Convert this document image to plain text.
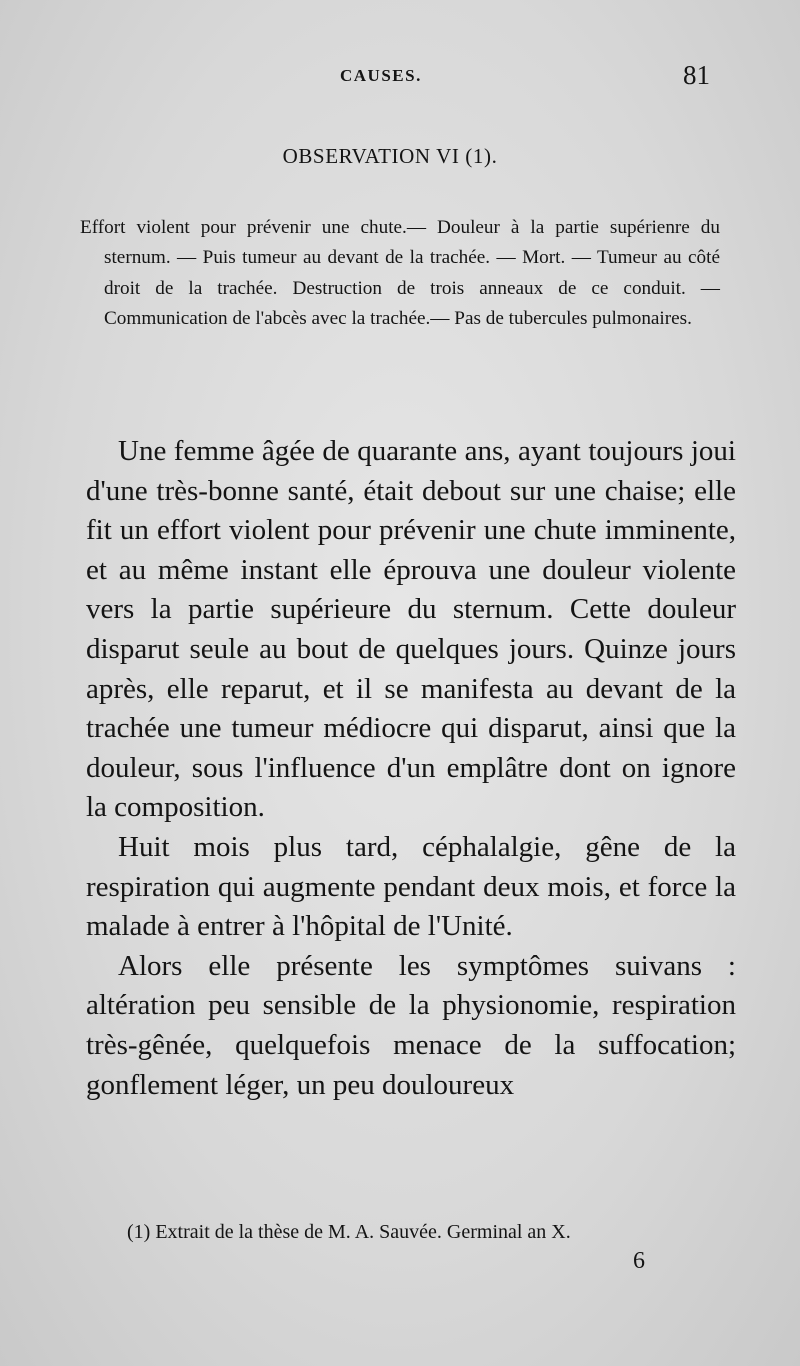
CAUSES.	81
OBSERVATION VI (1).

Effort violent pour prévenir une chute.— Douleur à la partie supérienre du sternum. — Puis tumeur au devant de la trachée. — Mort. — Tumeur au côté droit de la trachée. Destruction de trois anneaux de ce conduit. — Communication de l'abcès avec la trachée.— Pas de tubercules pulmonaires.

Une femme âgée de quarante ans, ayant toujours joui d'une très-bonne santé, était debout sur une chaise; elle fit un effort violent pour prévenir une chute imminente, et au même instant elle éprouva une douleur violente vers la partie supérieure du sternum. Cette douleur disparut seule au bout de quelques jours. Quinze jours après, elle reparut, et il se manifesta au devant de la trachée une tumeur médiocre qui disparut, ainsi que la douleur, sous l'influence d'un emplâtre dont on ignore la composition.

Huit mois plus tard, céphalalgie, gêne de la respiration qui augmente pendant deux mois, et force la malade à entrer à l'hôpital de l'Unité.

Alors elle présente les symptômes suivans : altération peu sensible de la physionomie, respiration très-gênée, quelquefois menace de la suffocation; gonflement léger, un peu douloureux

(1) Extrait de la thèse de M. A. Sauvée. Germinal an X.
6
